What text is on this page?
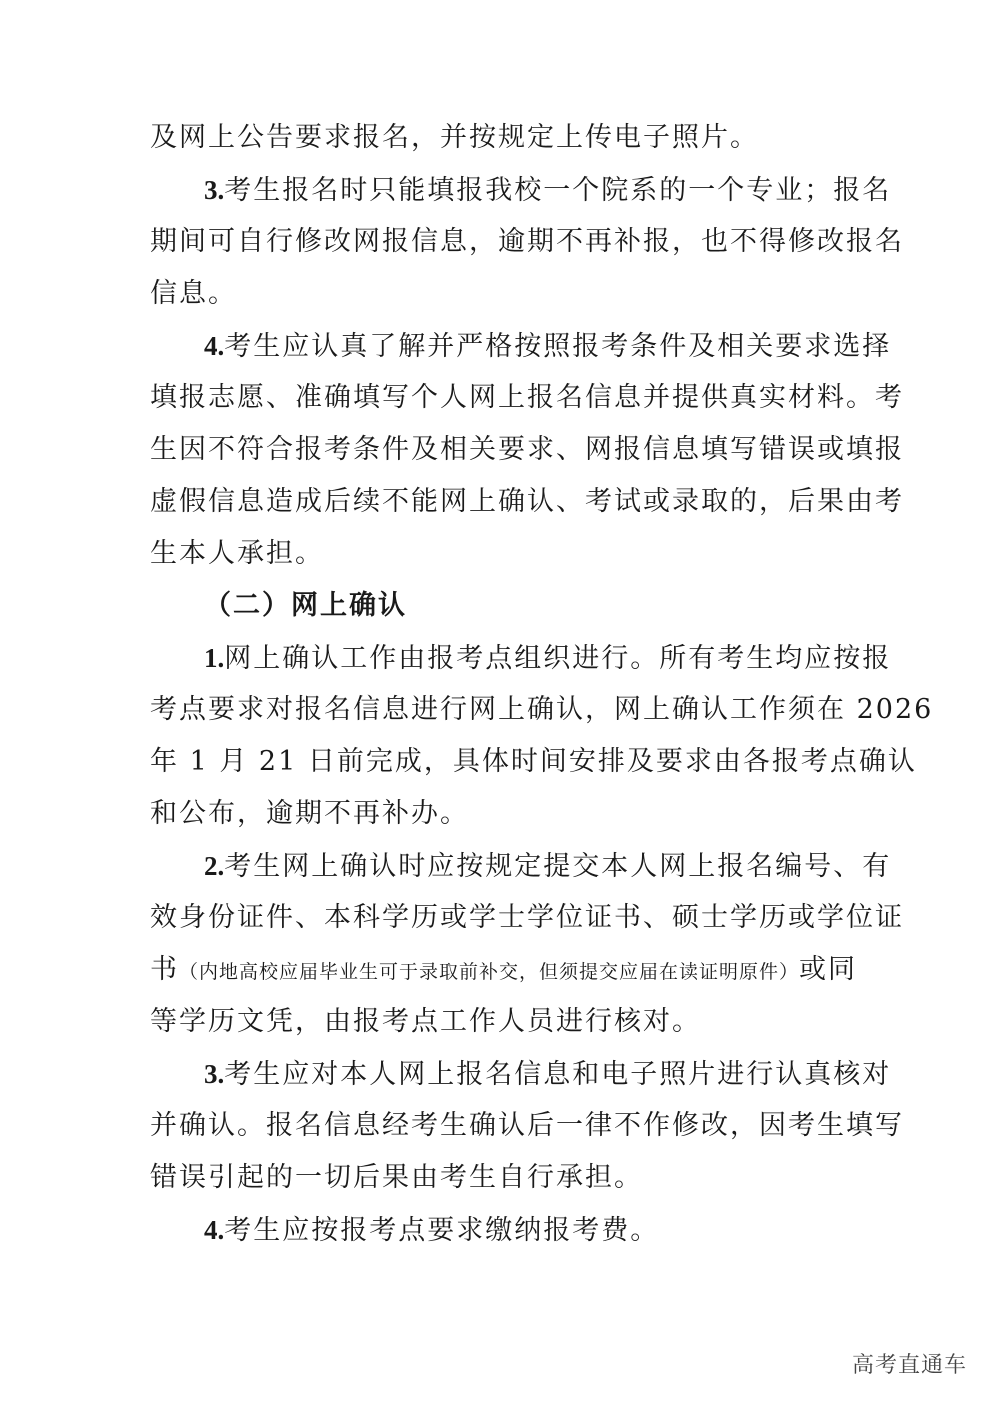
及网上公告要求报名，并按规定上传电子照片。
3.考生报名时只能填报我校一个院系的一个专业；报名
期间可自行修改网报信息，逾期不再补报，也不得修改报名
信息。
4.考生应认真了解并严格按照报考条件及相关要求选择
填报志愿、准确填写个人网上报名信息并提供真实材料。考
生因不符合报考条件及相关要求、网报信息填写错误或填报
虚假信息造成后续不能网上确认、考试或录取的，后果由考
生本人承担。
（二）网上确认
1.网上确认工作由报考点组织进行。所有考生均应按报
考点要求对报名信息进行网上确认，网上确认工作须在 2026
年 1 月 21 日前完成，具体时间安排及要求由各报考点确认
和公布，逾期不再补办。
2.考生网上确认时应按规定提交本人网上报名编号、有
效身份证件、本科学历或学士学位证书、硕士学历或学位证
书（内地高校应届毕业生可于录取前补交，但须提交应届在读证明原件）或同
等学历文凭，由报考点工作人员进行核对。
3.考生应对本人网上报名信息和电子照片进行认真核对
并确认。报名信息经考生确认后一律不作修改，因考生填写
错误引起的一切后果由考生自行承担。
4.考生应按报考点要求缴纳报考费。
高考直通车
